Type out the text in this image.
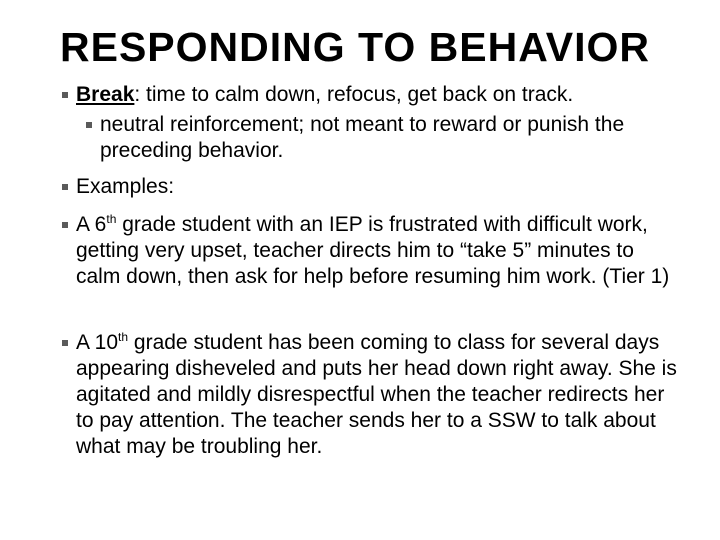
RESPONDING TO BEHAVIOR
Break: time to calm down, refocus, get back on track.
neutral reinforcement; not meant to reward or punish the preceding behavior.
Examples:
A 6th grade student with an IEP is frustrated with difficult work, getting very upset, teacher directs him to “take 5” minutes to calm down, then ask for help before resuming him work. (Tier 1)
A 10th grade student has been coming to class for several days appearing disheveled and puts her head down right away. She is agitated and mildly disrespectful when the teacher redirects her to pay attention. The teacher sends her to a SSW to talk about what may be troubling her.
